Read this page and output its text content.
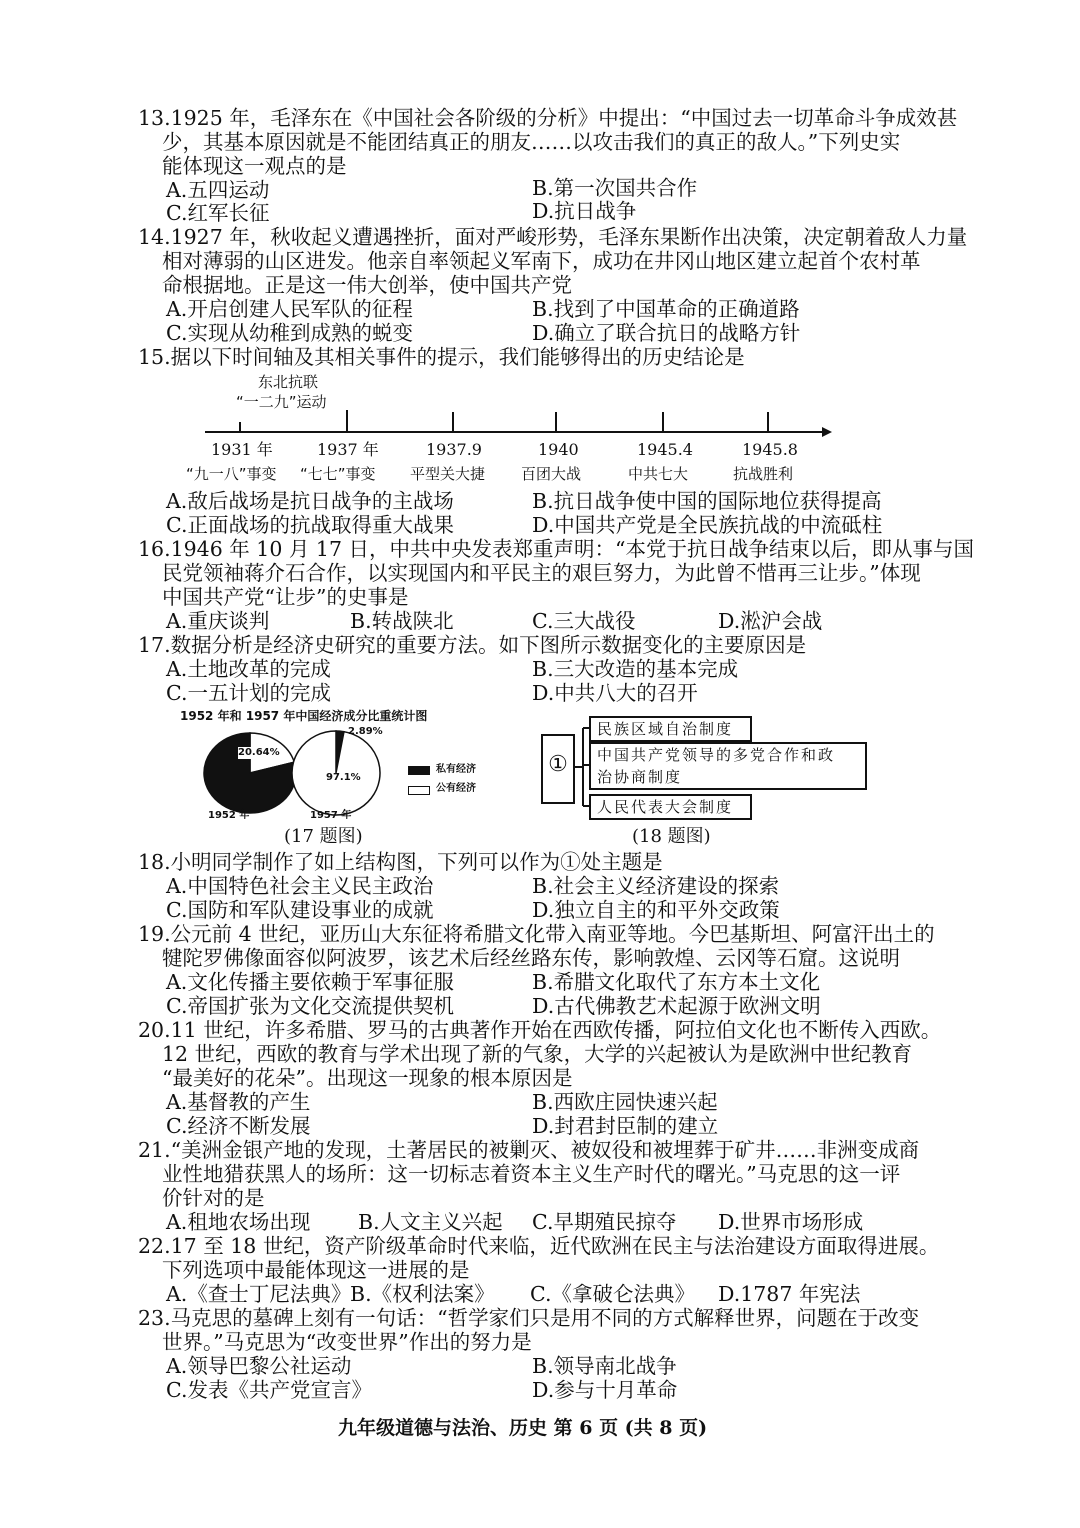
13.1925 年，毛泽东在《中国社会各阶级的分析》中提出：“中国过去一切革命斗争成效甚
少，其基本原因就是不能团结真正的朋友……以攻击我们的真正的敌人。”下列史实
能体现这一观点的是
A.五四运动	B.第一次国共合作
C.红军长征	D.抗日战争
14.1927 年，秋收起义遭遇挫折，面对严峻形势，毛泽东果断作出决策，决定朝着敌人力量
相对薄弱的山区进发。他亲自率领起义军南下，成功在井冈山地区建立起首个农村革
命根据地。正是这一伟大创举，使中国共产党
A.开启创建人民军队的征程	B.找到了中国革命的正确道路
C.实现从幼稚到成熟的蜕变	D.确立了联合抗日的战略方针
15.据以下时间轴及其相关事件的提示，我们能够得出的历史结论是
东北抗联
“一二九”运动
1931 年	1937 年	1937.9	1940	1945.4	1945.8
“九一八”事变 “七七”事变 平型关大捷 百团大战	中共七大	抗战胜利
A.敌后战场是抗日战争的主战场	B.抗日战争使中国的国际地位获得提高
C.正面战场的抗战取得重大战果	D.中国共产党是全民族抗战的中流砥柱
16.1946 年 10 月 17 日，中共中央发表郑重声明：“本党于抗日战争结束以后，即从事与国
民党领袖蒋介石合作，以实现国内和平民主的艰巨努力，为此曾不惜再三让步。”体现
中国共产党“让步”的史事是
A.重庆谈判	B.转战陕北	C.三大战役	D.淞沪会战
17.数据分析是经济史研究的重要方法。如下图所示数据变化的主要原因是
A.土地改革的完成	B.三大改造的基本完成
C.一五计划的完成	D.中共八大的召开
1952 年和 1957 年中国经济成分比重统计图
1952 年	1957 年
20.64%
2.89%
97.1%
私有经济
公有经济
(17 题图)
①
民族区域自治制度
中国共产党领导的多党合作和政
治协商制度
人民代表大会制度
(18 题图)
18.小明同学制作了如上结构图，下列可以作为①处主题是
A.中国特色社会主义民主政治	B.社会主义经济建设的探索
C.国防和军队建设事业的成就	D.独立自主的和平外交政策
19.公元前 4 世纪，亚历山大东征将希腊文化带入南亚等地。今巴基斯坦、阿富汗出土的
犍陀罗佛像面容似阿波罗，该艺术后经丝路东传，影响敦煌、云冈等石窟。这说明
A.文化传播主要依赖于军事征服	B.希腊文化取代了东方本土文化
C.帝国扩张为文化交流提供契机	D.古代佛教艺术起源于欧洲文明
20.11 世纪，许多希腊、罗马的古典著作开始在西欧传播，阿拉伯文化也不断传入西欧。
12 世纪，西欧的教育与学术出现了新的气象，大学的兴起被认为是欧洲中世纪教育
“最美好的花朵”。出现这一现象的根本原因是
A.基督教的产生	B.西欧庄园快速兴起
C.经济不断发展	D.封君封臣制的建立
21.“美洲金银产地的发现，土著居民的被剿灭、被奴役和被埋葬于矿井……非洲变成商
业性地猎获黑人的场所：这一切标志着资本主义生产时代的曙光。”马克思的这一评
价针对的是
A.租地农场出现 B.人文主义兴起 C.早期殖民掠夺 D.世界市场形成
22.17 至 18 世纪，资产阶级革命时代来临，近代欧洲在民主与法治建设方面取得进展。
下列选项中最能体现这一进展的是
A.《查士丁尼法典》
B.《权利法案》 C.《拿破仑法典》 D.1787 年宪法
23.马克思的墓碑上刻有一句话：“哲学家们只是用不同的方式解释世界，问题在于改变
世界。”马克思为“改变世界”作出的努力是
A.领导巴黎公社运动	B.领导南北战争
C.发表《共产党宣言》	D.参与十月革命
九年级道德与法治、历史 第 6 页 (共 8 页)
